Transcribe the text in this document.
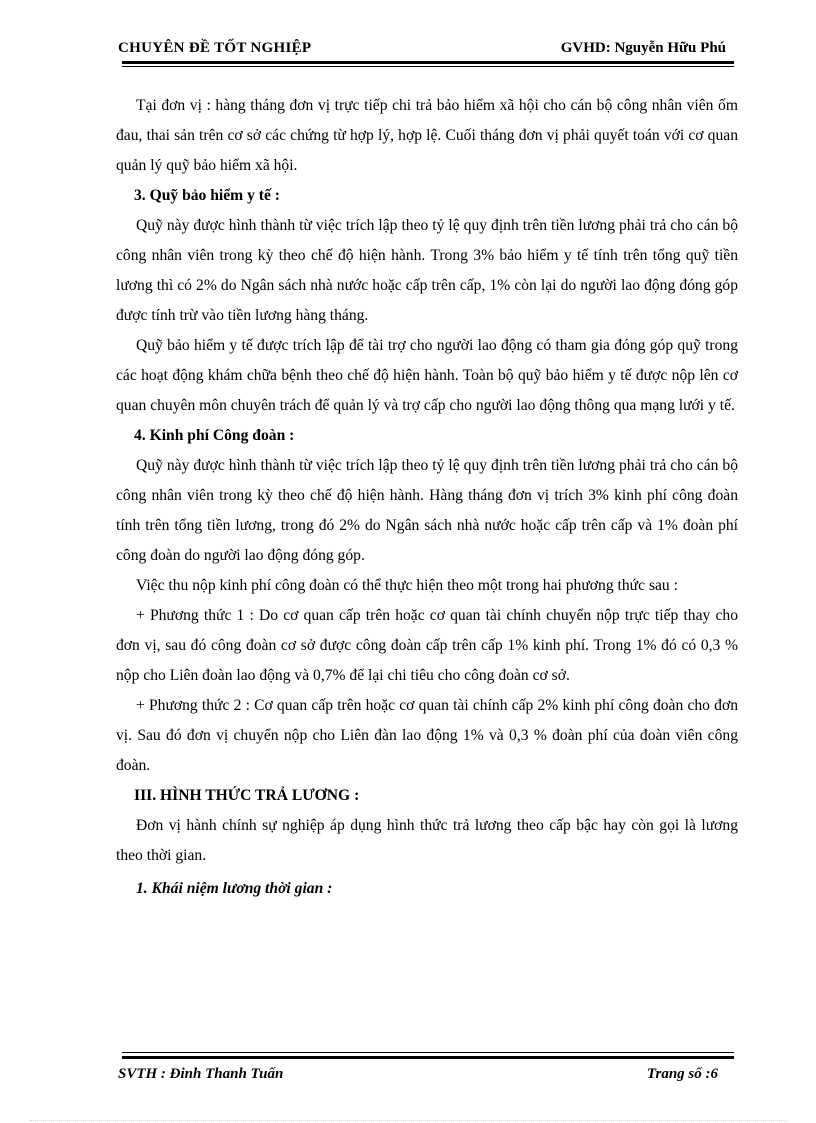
CHUYÊN ĐỀ TỐT NGHIỆP	GVHD: Nguyễn Hữu Phú

Tại đơn vị : hàng tháng đơn vị trực tiếp chi trả bảo hiểm xã hội cho cán bộ công nhân viên ốm đau, thai sản trên cơ sở các chứng từ hợp lý, hợp lệ. Cuối tháng đơn vị phải quyết toán với cơ quan quản lý quỹ bảo hiểm xã hội.

3. Quỹ bảo hiểm y tế :

Quỹ này được hình thành từ việc trích lập theo tỷ lệ quy định trên tiền lương phải trả cho cán bộ công nhân viên trong kỳ theo chế độ hiện hành. Trong 3% bảo hiểm y tế tính trên tổng quỹ tiền lương thì có 2% do Ngân sách nhà nước hoặc cấp trên cấp, 1% còn lại do người lao động đóng góp được tính trừ vào tiền lương hàng tháng.

Quỹ bảo hiểm y tế được trích lập để tài trợ cho người lao động có tham gia đóng góp quỹ trong các hoạt động khám chữa bệnh theo chế độ hiện hành. Toàn bộ quỹ bảo hiểm y tế được nộp lên cơ quan chuyên môn chuyên trách để quản lý và trợ cấp cho người lao động thông qua mạng lưới y tế.

4. Kinh phí Công đoàn :

Quỹ này được hình thành từ việc trích lập theo tỷ lệ quy định trên tiền lương phải trả cho cán bộ công nhân viên trong kỳ theo chế độ hiện hành. Hàng tháng đơn vị trích 3% kinh phí công đoàn tính trên tổng tiền lương, trong đó 2% do Ngân sách nhà nước hoặc cấp trên cấp và 1% đoàn phí công đoàn do người lao động đóng góp.

Việc thu nộp kinh phí công đoàn có thể thực hiện theo một trong hai phương thức sau :

+ Phương thức 1 : Do cơ quan cấp trên hoặc cơ quan tài chính chuyển nộp trực tiếp thay cho đơn vị, sau đó công đoàn cơ sở được công đoàn cấp trên cấp 1% kinh phí. Trong 1% đó có 0,3 % nộp cho Liên đoàn lao động và 0,7% để lại chi tiêu cho công đoàn cơ sở.

+ Phương thức 2 : Cơ quan cấp trên hoặc cơ quan tài chính cấp 2% kinh phí công đoàn cho đơn vị. Sau đó đơn vị chuyển nộp cho Liên đàn lao động 1% và 0,3 % đoàn phí của đoàn viên công đoàn.

III. HÌNH THỨC TRẢ LƯƠNG :

Đơn vị hành chính sự nghiệp áp dụng hình thức trả lương theo cấp bậc hay còn gọi là lương theo thời gian.

1. Khái niệm lương thời gian :

SVTH : Đinh Thanh Tuấn	Trang số :6
